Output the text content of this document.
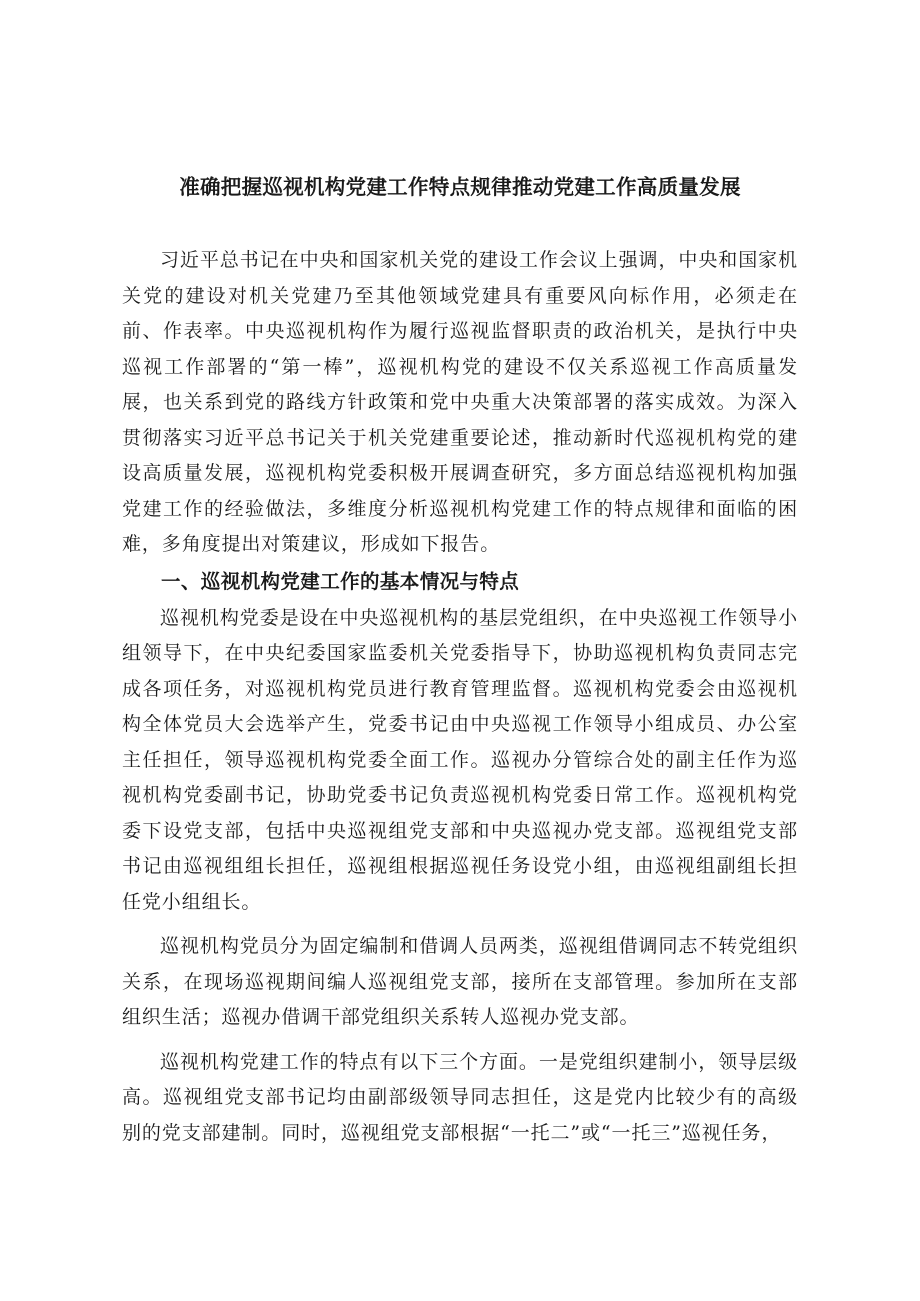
准确把握巡视机构党建工作特点规律推动党建工作高质量发展

习近平总书记在中央和国家机关党的建设工作会议上强调，中央和国家机关党的建设对机关党建乃至其他领域党建具有重要风向标作用，必须走在前、作表率。中央巡视机构作为履行巡视监督职责的政治机关，是执行中央巡视工作部署的“第一棒”，巡视机构党的建设不仅关系巡视工作高质量发展，也关系到党的路线方针政策和党中央重大决策部署的落实成效。为深入贯彻落实习近平总书记关于机关党建重要论述，推动新时代巡视机构党的建设高质量发展，巡视机构党委积极开展调查研究，多方面总结巡视机构加强党建工作的经验做法，多维度分析巡视机构党建工作的特点规律和面临的困难，多角度提出对策建议，形成如下报告。

一、巡视机构党建工作的基本情况与特点

巡视机构党委是设在中央巡视机构的基层党组织，在中央巡视工作领导小组领导下，在中央纪委国家监委机关党委指导下，协助巡视机构负责同志完成各项任务，对巡视机构党员进行教育管理监督。巡视机构党委会由巡视机构全体党员大会选举产生，党委书记由中央巡视工作领导小组成员、办公室主任担任，领导巡视机构党委全面工作。巡视办分管综合处的副主任作为巡视机构党委副书记，协助党委书记负责巡视机构党委日常工作。巡视机构党委下设党支部，包括中央巡视组党支部和中央巡视办党支部。巡视组党支部书记由巡视组组长担任，巡视组根据巡视任务设党小组，由巡视组副组长担任党小组组长。

巡视机构党员分为固定编制和借调人员两类，巡视组借调同志不转党组织关系，在现场巡视期间编人巡视组党支部，接所在支部管理。参加所在支部组织生活；巡视办借调干部党组织关系转人巡视办党支部。

巡视机构党建工作的特点有以下三个方面。一是党组织建制小，领导层级高。巡视组党支部书记均由副部级领导同志担任，这是党内比较少有的高级别的党支部建制。同时，巡视组党支部根据“一托二”或“一托三”巡视任务，
